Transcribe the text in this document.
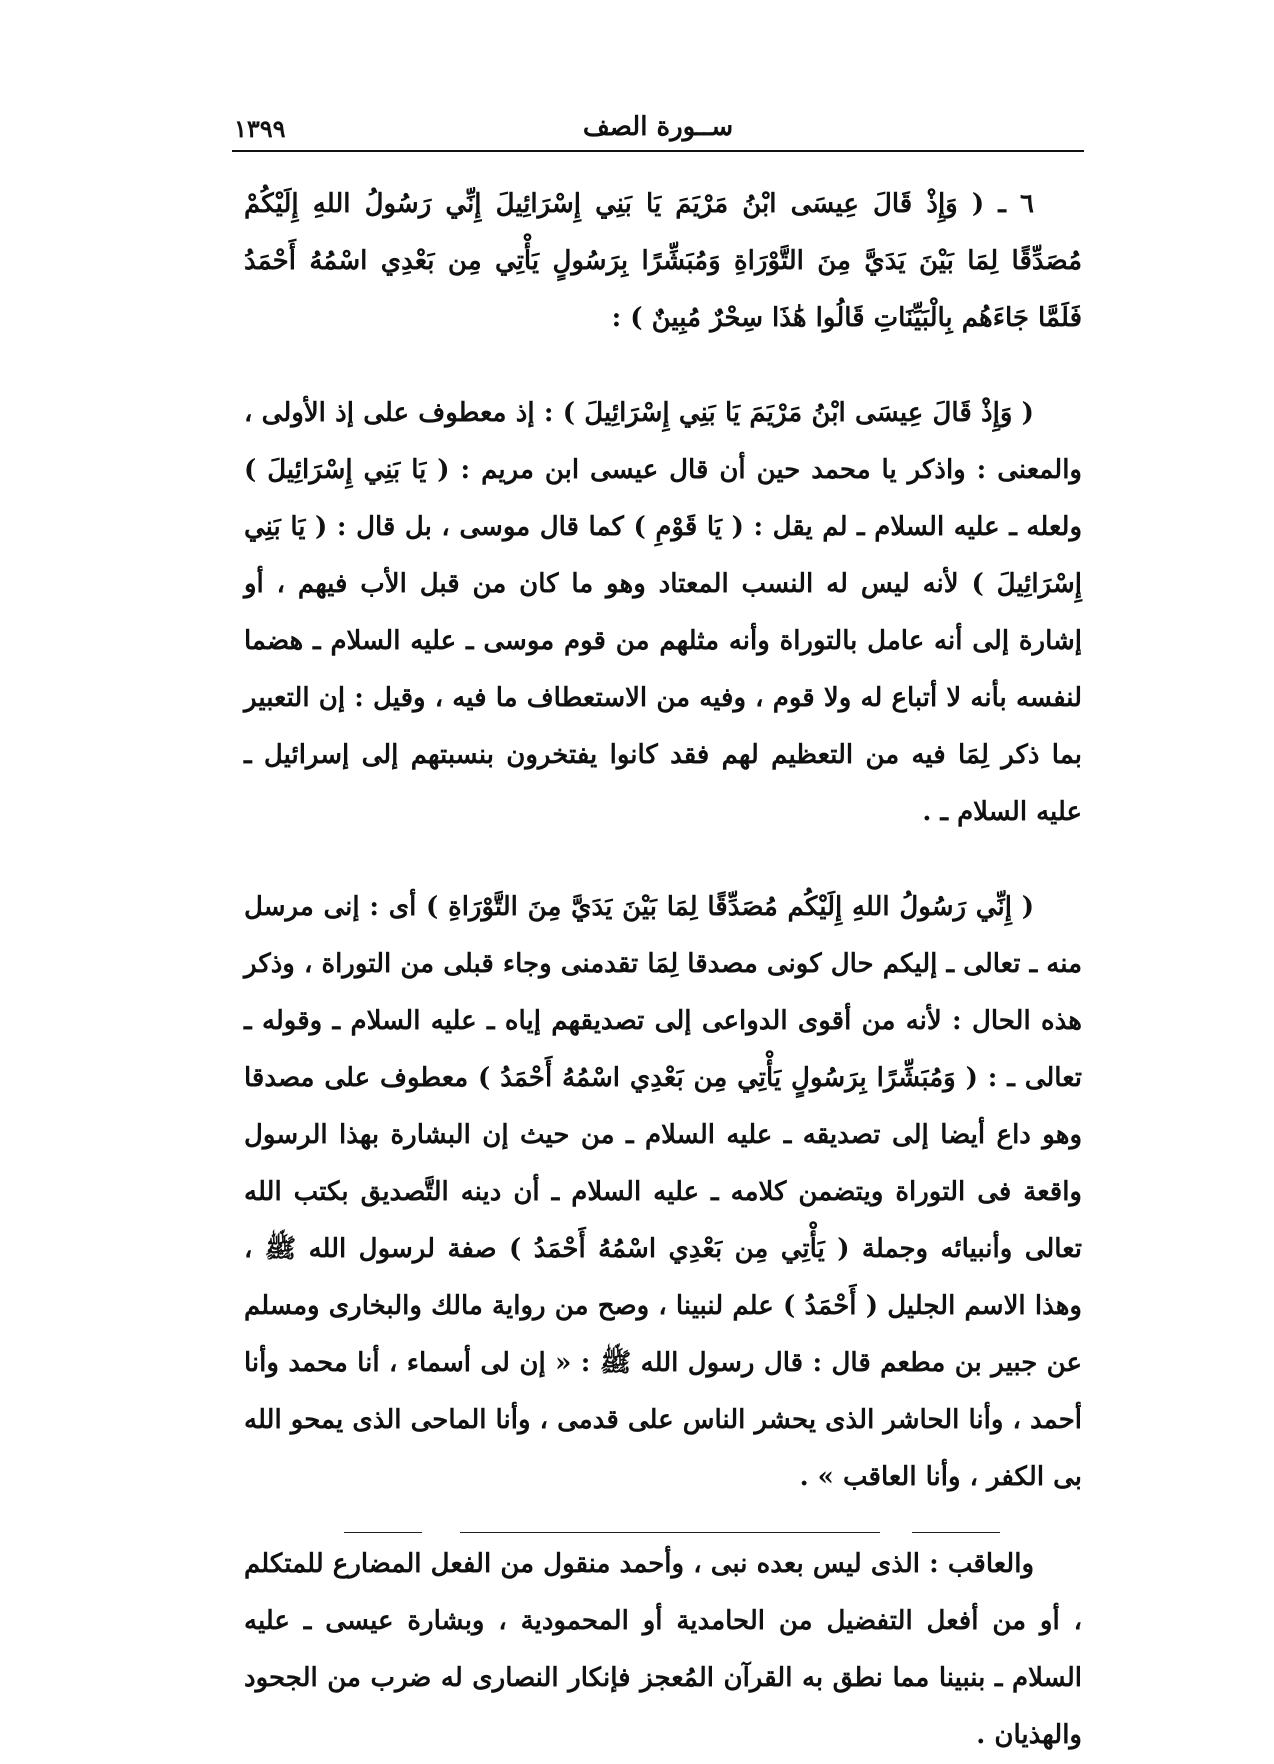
ســورة الصف
١٣٩٩

٦ ـ ( وَإِذْ قَالَ عِيسَى ابْنُ مَرْيَمَ يَا بَنِي إِسْرَائِيلَ إِنِّي رَسُولُ اللهِ إِلَيْكُمْ مُصَدِّقًا لِمَا بَيْنَ يَدَيَّ مِنَ التَّوْرَاةِ وَمُبَشِّرًا بِرَسُولٍ يَأْتِي مِن بَعْدِي اسْمُهُ أَحْمَدُ فَلَمَّا جَاءَهُم بِالْبَيِّنَاتِ قَالُوا هَٰذَا سِحْرٌ مُبِينٌ ) :

( وَإِذْ قَالَ عِيسَى ابْنُ مَرْيَمَ يَا بَنِي إِسْرَائِيلَ ) : إذ معطوف على إذ الأولى ، والمعنى : واذكر يا محمد حين أن قال عيسى ابن مريم : ( يَا بَنِي إِسْرَائِيلَ ) ولعله ـ عليه السلام ـ لم يقل : ( يَا قَوْمِ ) كما قال موسى ، بل قال : ( يَا بَنِي إِسْرَائِيلَ ) لأنه ليس له النسب المعتاد وهو ما كان من قبل الأب فيهم ، أو إشارة إلى أنه عامل بالتوراة وأنه مثلهم من قوم موسى ـ عليه السلام ـ هضما لنفسه بأنه لا أتباع له ولا قوم ، وفيه من الاستعطاف ما فيه ، وقيل : إن التعبير بما ذكر لِمَا فيه من التعظيم لهم فقد كانوا يفتخرون بنسبتهم إلى إسرائيل ـ عليه السلام ـ .

( إِنِّي رَسُولُ اللهِ إِلَيْكُم مُصَدِّقًا لِمَا بَيْنَ يَدَيَّ مِنَ التَّوْرَاةِ ) أى : إنى مرسل منه ـ تعالى ـ إليكم حال كونى مصدقا لِمَا تقدمنى وجاء قبلى من التوراة ، وذكر هذه الحال : لأنه من أقوى الدواعى إلى تصديقهم إياه ـ عليه السلام ـ وقوله ـ تعالى ـ : ( وَمُبَشِّرًا بِرَسُولٍ يَأْتِي مِن بَعْدِي اسْمُهُ أَحْمَدُ ) معطوف على مصدقا وهو داع أيضا إلى تصديقه ـ عليه السلام ـ من حيث إن البشارة بهذا الرسول واقعة فى التوراة ويتضمن كلامه ـ عليه السلام ـ أن دينه التَّصديق بكتب الله تعالى وأنبيائه وجملة ( يَأْتِي مِن بَعْدِي اسْمُهُ أَحْمَدُ ) صفة لرسول الله ﷺ ، وهذا الاسم الجليل ( أَحْمَدُ ) علم لنبينا ، وصح من رواية مالك والبخارى ومسلم عن جبير بن مطعم قال : قال رسول الله ﷺ : « إن لى أسماء ، أنا محمد وأنا أحمد ، وأنا الحاشر الذى يحشر الناس على قدمى ، وأنا الماحى الذى يمحو الله بى الكفر ، وأنا العاقب » .

والعاقب : الذى ليس بعده نبى ، وأحمد منقول من الفعل المضارع للمتكلم ، أو من أفعل التفضيل من الحامدية أو المحمودية ، وبشارة عيسى ـ عليه السلام ـ بنبينا مما نطق به القرآن المُعجز فإنكار النصارى له ضرب من الجحود والهذيان .
